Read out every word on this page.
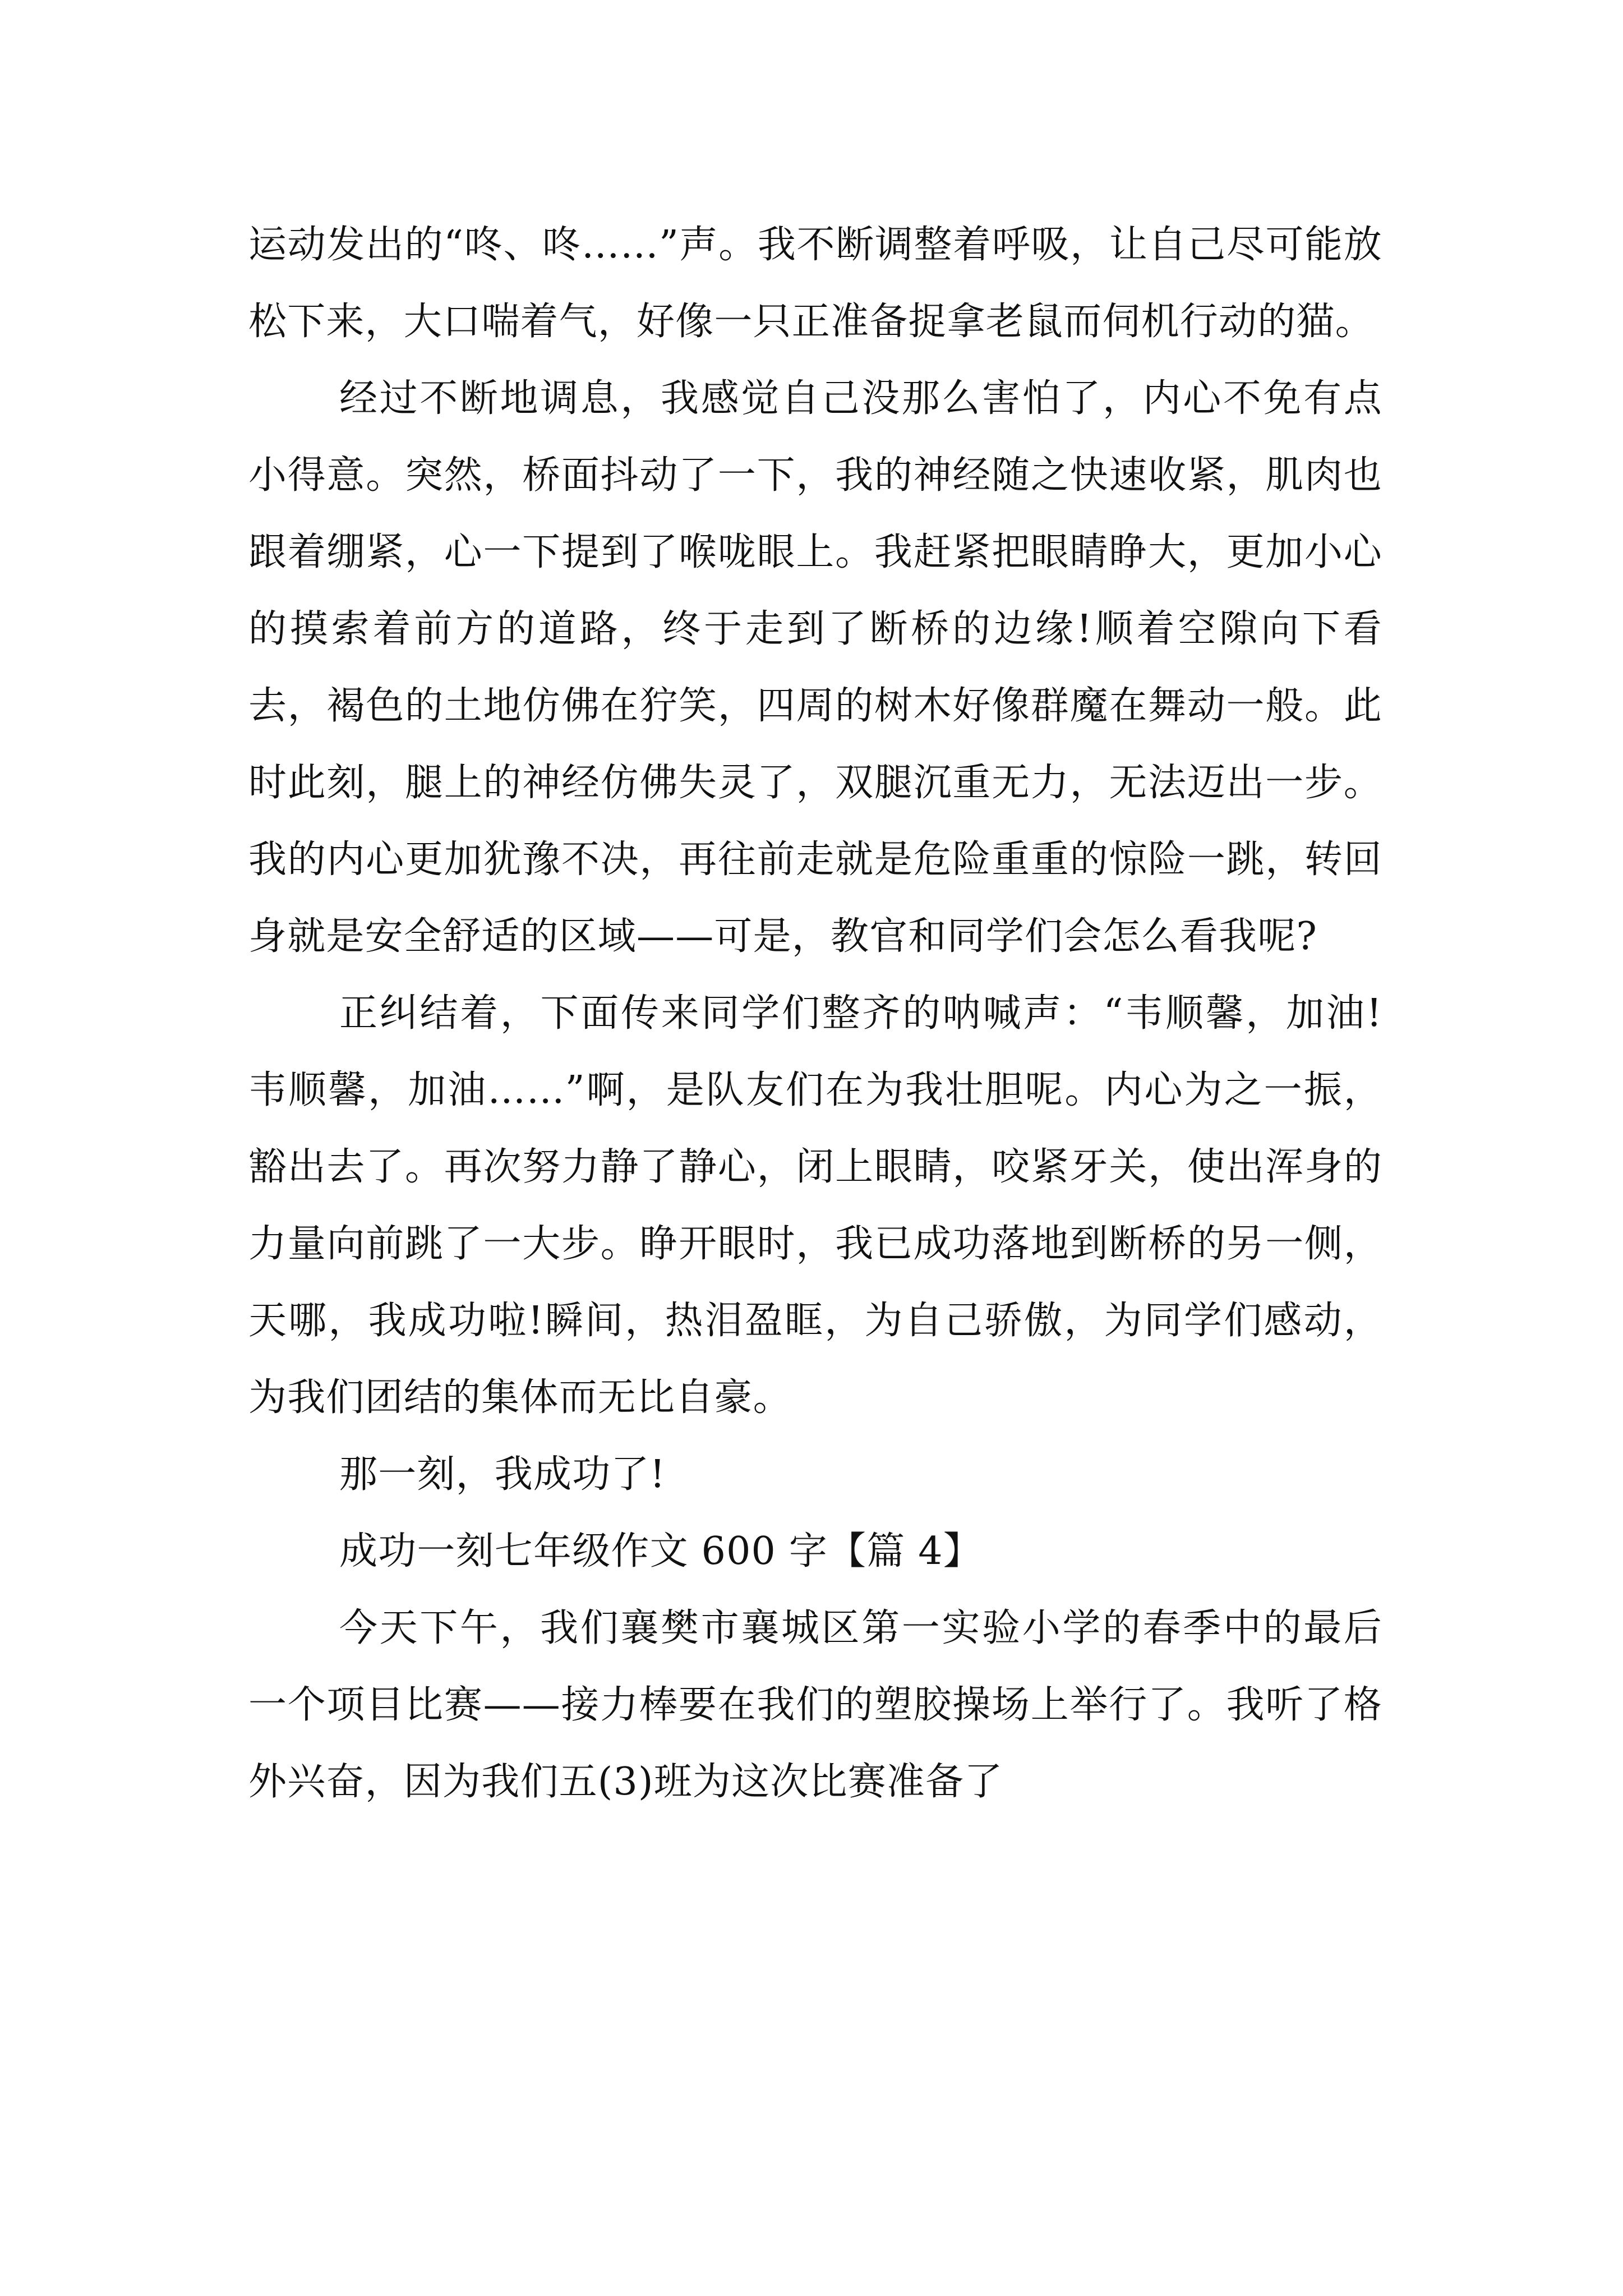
运动发出的“咚、咚……”声。我不断调整着呼吸，让自己尽可能放松下来，大口喘着气，好像一只正准备捉拿老鼠而伺机行动的猫。

经过不断地调息，我感觉自己没那么害怕了，内心不免有点小得意。突然，桥面抖动了一下，我的神经随之快速收紧，肌肉也跟着绷紧，心一下提到了喉咙眼上。我赶紧把眼睛睁大，更加小心的摸索着前方的道路，终于走到了断桥的边缘!顺着空隙向下看去，褐色的土地仿佛在狞笑，四周的树木好像群魔在舞动一般。此时此刻，腿上的神经仿佛失灵了，双腿沉重无力，无法迈出一步。我的内心更加犹豫不决，再往前走就是危险重重的惊险一跳，转回身就是安全舒适的区域——可是，教官和同学们会怎么看我呢?

正纠结着，下面传来同学们整齐的呐喊声：“韦顺馨，加油!韦顺馨，加油……”啊，是队友们在为我壮胆呢。内心为之一振，豁出去了。再次努力静了静心，闭上眼睛，咬紧牙关，使出浑身的力量向前跳了一大步。睁开眼时，我已成功落地到断桥的另一侧，天哪，我成功啦!瞬间，热泪盈眶，为自己骄傲，为同学们感动，为我们团结的集体而无比自豪。

那一刻，我成功了!

成功一刻七年级作文 600 字【篇 4】

今天下午，我们襄樊市襄城区第一实验小学的春季中的最后一个项目比赛——接力棒要在我们的塑胶操场上举行了。我听了格外兴奋，因为我们五(3)班为这次比赛准备了
